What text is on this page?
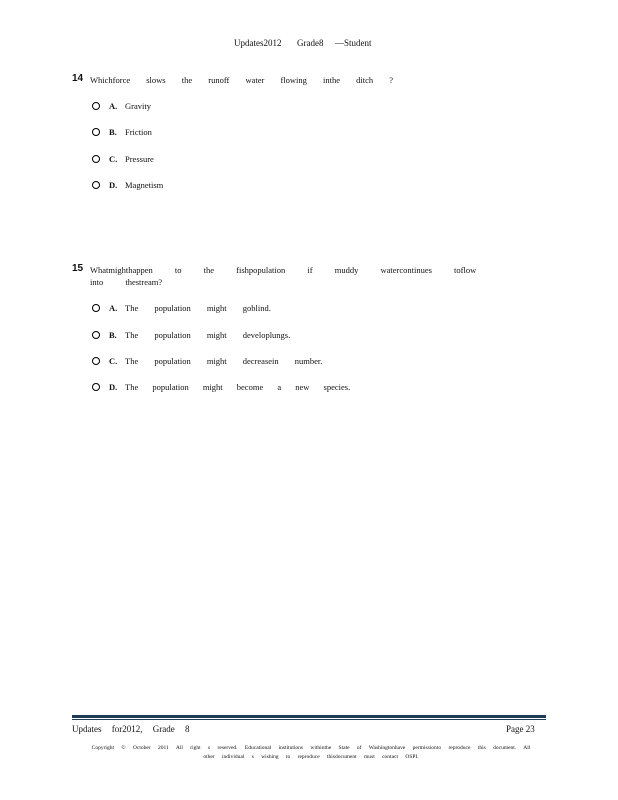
Updates2012 Grade8 —Student
14 Whichforce slows the runoff water flowing inthe ditch ?
A. Gravity
B. Friction
C. Pressure
D. Magnetism
15 Whatmighthappen to the fishpopulation if muddy watercontinues toflow into thestream?
A. The population might goblind.
B. The population might developlungs.
C. The population might decreasein number.
D. The population might become a new species.
Updates for2012, Grade 8	Page 23
Copyright © October 2011 All right s reserved. Educational institutions withinthe State of Washingtonhave permissionto reproduce this document. All other individual s wishing to reproduce thisdocument must contact OSPI.
